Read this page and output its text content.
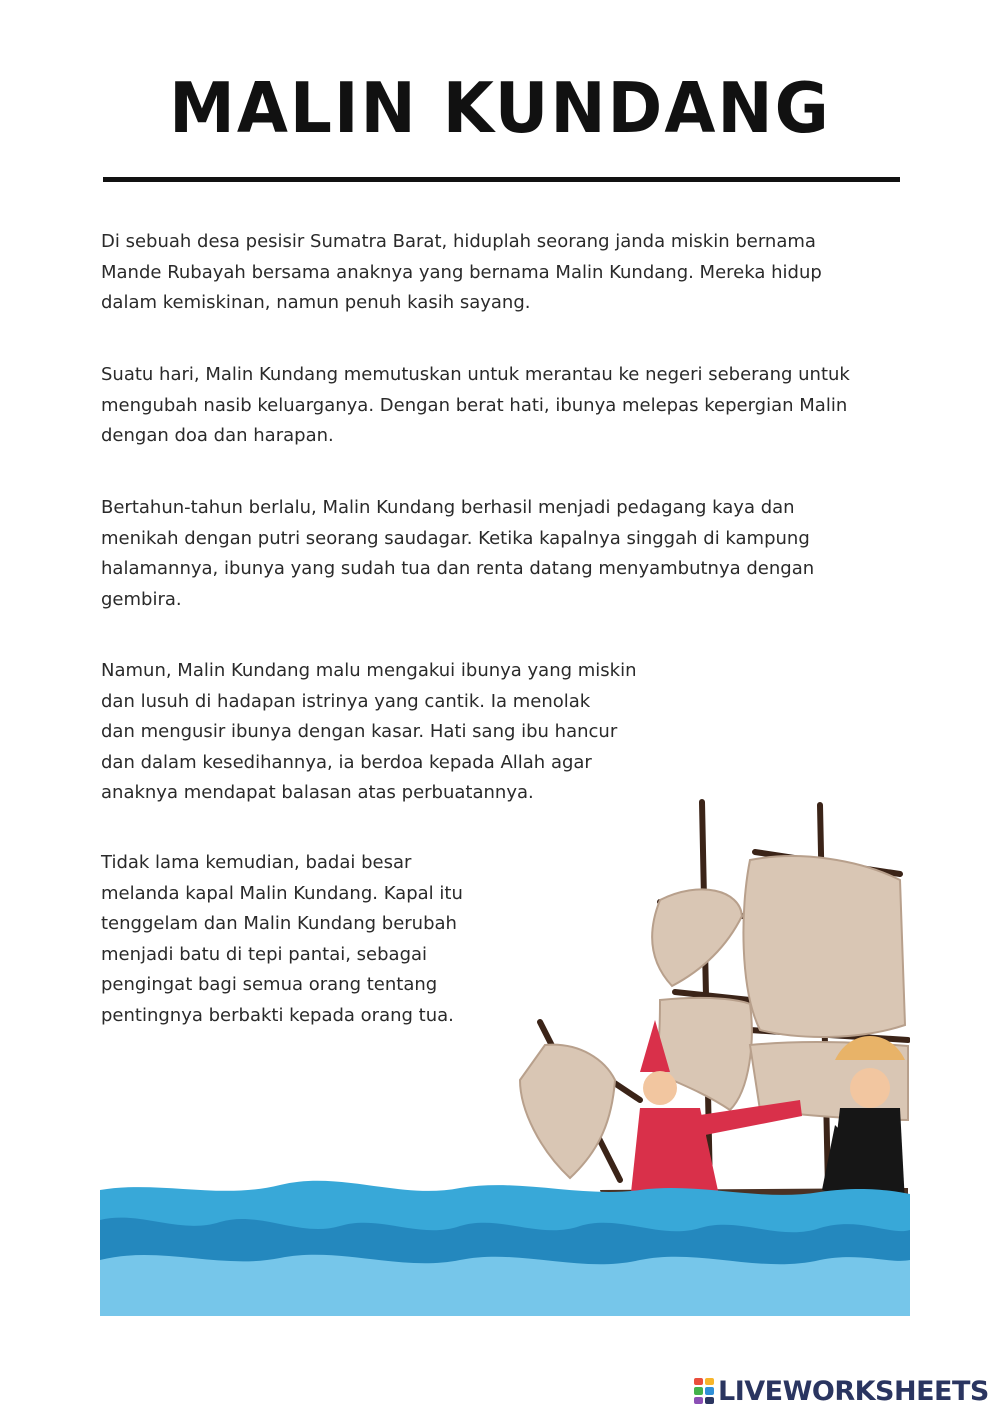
MALIN KUNDANG

Di sebuah desa pesisir Sumatra Barat, hiduplah seorang janda miskin bernama
Mande Rubayah bersama anaknya yang bernama Malin Kundang. Mereka hidup
dalam kemiskinan, namun penuh kasih sayang.

Suatu hari, Malin Kundang memutuskan untuk merantau ke negeri seberang untuk
mengubah nasib keluarganya. Dengan berat hati, ibunya melepas kepergian Malin
dengan doa dan harapan.

Bertahun-tahun berlalu, Malin Kundang berhasil menjadi pedagang kaya dan
menikah dengan putri seorang saudagar. Ketika kapalnya singgah di kampung
halamannya, ibunya yang sudah tua dan renta datang menyambutnya dengan
gembira.

Namun, Malin Kundang malu mengakui ibunya yang miskin
dan lusuh di hadapan istrinya yang cantik. Ia menolak
dan mengusir ibunya dengan kasar. Hati sang ibu hancur
dan dalam kesedihannya, ia berdoa kepada Allah agar
anaknya mendapat balasan atas perbuatannya.

Tidak lama kemudian, badai besar
melanda kapal Malin Kundang. Kapal itu
tenggelam dan Malin Kundang berubah
menjadi batu di tepi pantai, sebagai
pengingat bagi semua orang tentang
pentingnya berbakti kepada orang tua.

LIVEWORKSHEETS
